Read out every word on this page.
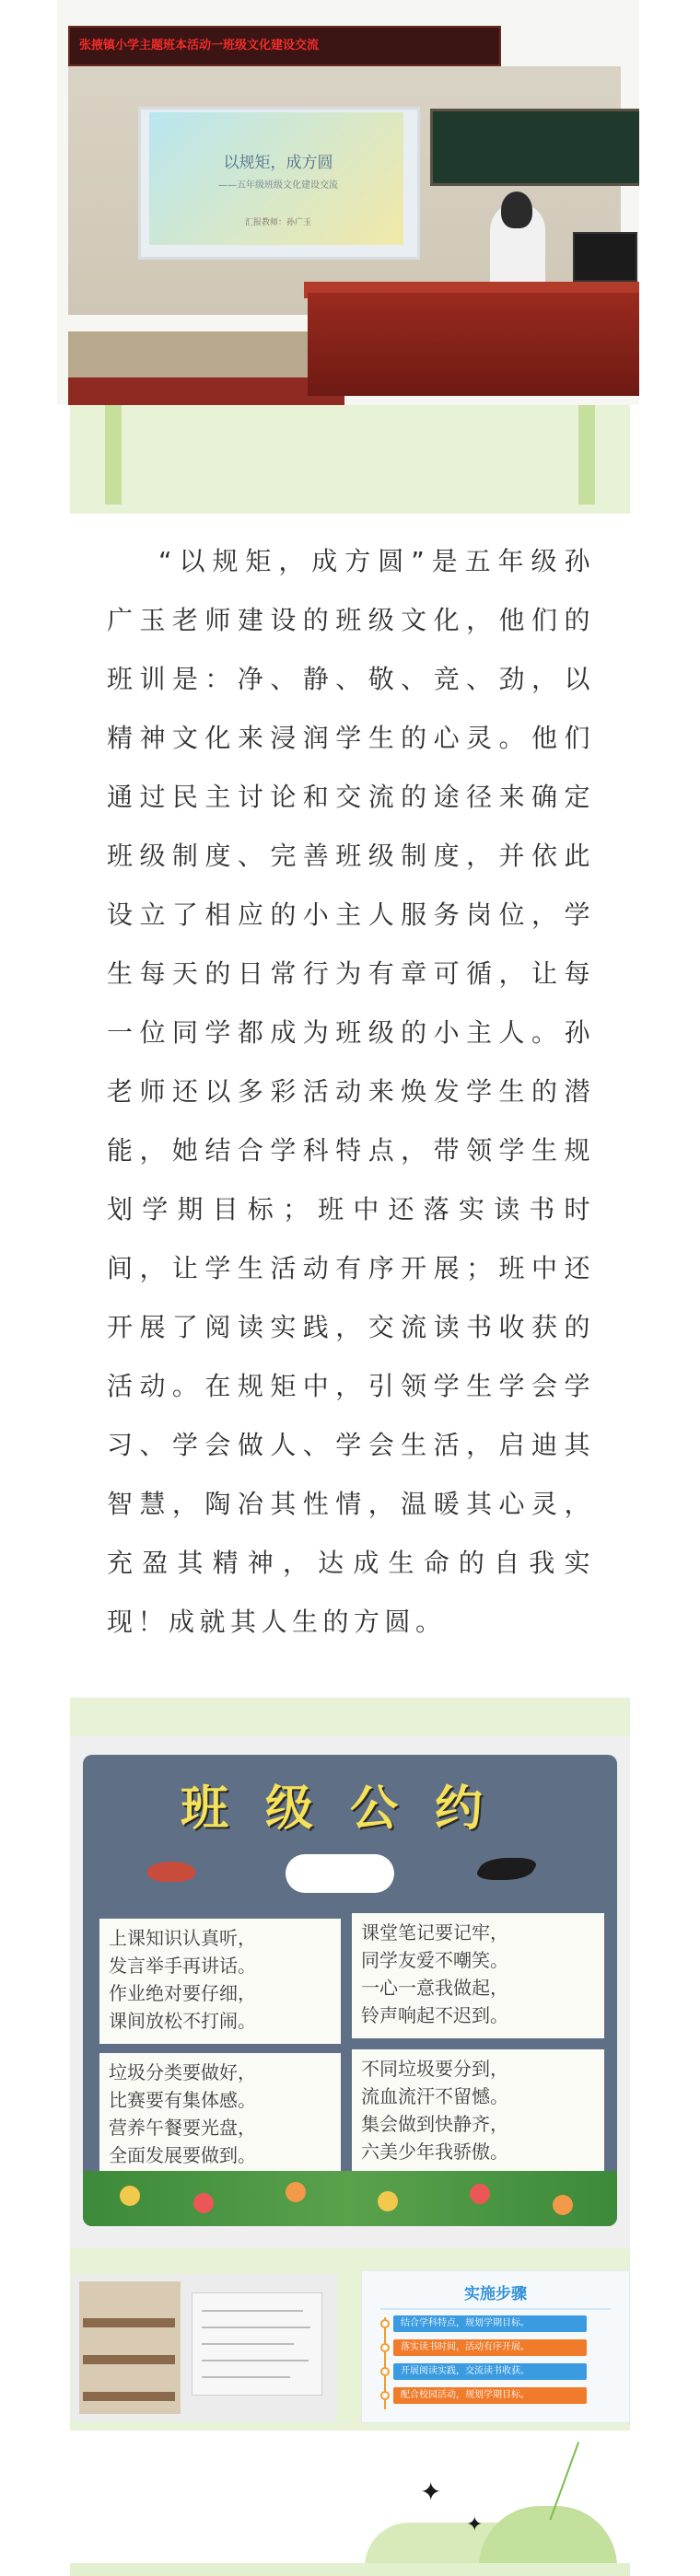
张掖镇小学主题班本活动一班级文化建设交流
以规矩，成方圆
——五年级班级文化建设交流
汇报教师：孙广玉

“以规矩，成方圆”是五年级孙广玉老师建设的班级文化，他们的班训是：净、静、敬、竞、劲，以精神文化来浸润学生的心灵。他们通过民主讨论和交流的途径来确定班级制度、完善班级制度，并依此设立了相应的小主人服务岗位，学生每天的日常行为有章可循，让每一位同学都成为班级的小主人。孙老师还以多彩活动来焕发学生的潜能，她结合学科特点，带领学生规划学期目标；班中还落实读书时间，让学生活动有序开展；班中还开展了阅读实践，交流读书收获的活动。在规矩中，引领学生学会学习、学会做人、学会生活，启迪其智慧，陶冶其性情，温暖其心灵，充盈其精神，达成生命的自我实现！成就其人生的方圆。

班级公约
上课知识认真听，
发言举手再讲话。
作业绝对要仔细，
课间放松不打闹。
课堂笔记要记牢，
同学友爱不嘲笑。
一心一意我做起，
铃声响起不迟到。
垃圾分类要做好，
比赛要有集体感。
营养午餐要光盘，
全面发展要做到。
不同垃圾要分到，
流血流汗不留憾。
集会做到快静齐，
六美少年我骄傲。
实施步骤
结合学科特点，规划学期目标。
落实读书时间，活动有序开展。
开展阅读实践，交流读书收获。
配合校园活动，规划学期目标。
✦
✦
